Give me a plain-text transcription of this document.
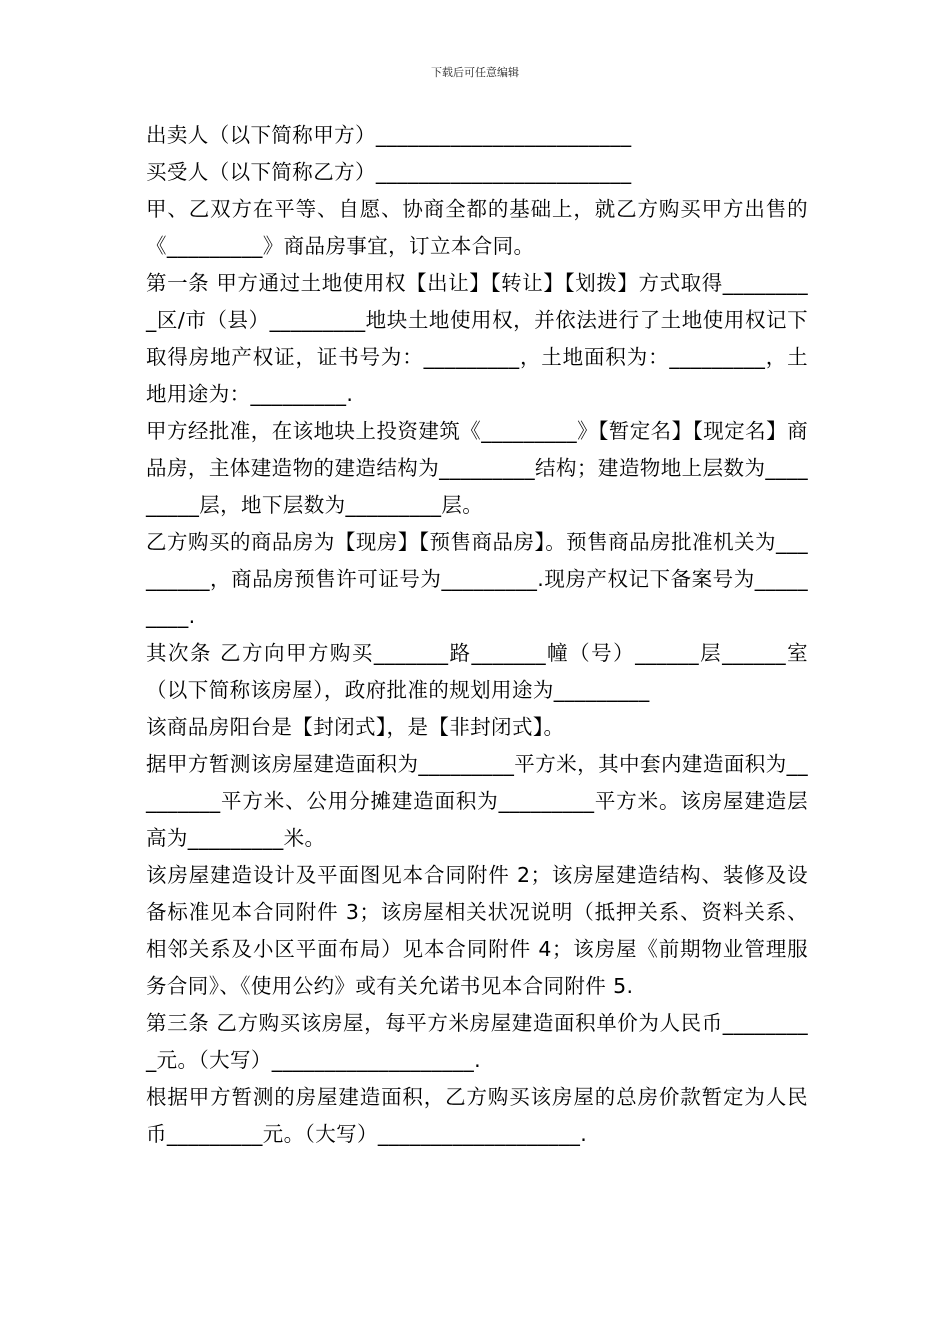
下载后可任意编辑

出卖人（以下简称甲方）________________________

买受人（以下简称乙方）________________________

甲、乙双方在平等、自愿、协商全都的基础上，就乙方购买甲方出售的《_________》商品房事宜，订立本合同。

第一条 甲方通过土地使用权【出让】【转让】【划拨】方式取得_________区/市（县）_________地块土地使用权，并依法进行了土地使用权记下取得房地产权证，证书号为：_________，土地面积为：_________，土地用途为：_________.

甲方经批准，在该地块上投资建筑《_________》【暂定名】【现定名】商品房，主体建造物的建造结构为_________结构；建造物地上层数为_________层，地下层数为_________层。

乙方购买的商品房为【现房】【预售商品房】。预售商品房批准机关为_________，商品房预售许可证号为_________.现房产权记下备案号为_________.

其次条 乙方向甲方购买_______路_______幢（号）______层______室（以下简称该房屋），政府批准的规划用途为_________

该商品房阳台是【封闭式】，是【非封闭式】。

据甲方暂测该房屋建造面积为_________平方米，其中套内建造面积为_________平方米、公用分摊建造面积为_________平方米。该房屋建造层高为_________米。

该房屋建造设计及平面图见本合同附件 2；该房屋建造结构、装修及设备标准见本合同附件 3；该房屋相关状况说明（抵押关系、资料关系、相邻关系及小区平面布局）见本合同附件 4；该房屋《前期物业管理服务合同》、《使用公约》或有关允诺书见本合同附件 5.

第三条 乙方购买该房屋，每平方米房屋建造面积单价为人民币_________元。（大写）___________________.

根据甲方暂测的房屋建造面积，乙方购买该房屋的总房价款暂定为人民币_________元。（大写）___________________.
